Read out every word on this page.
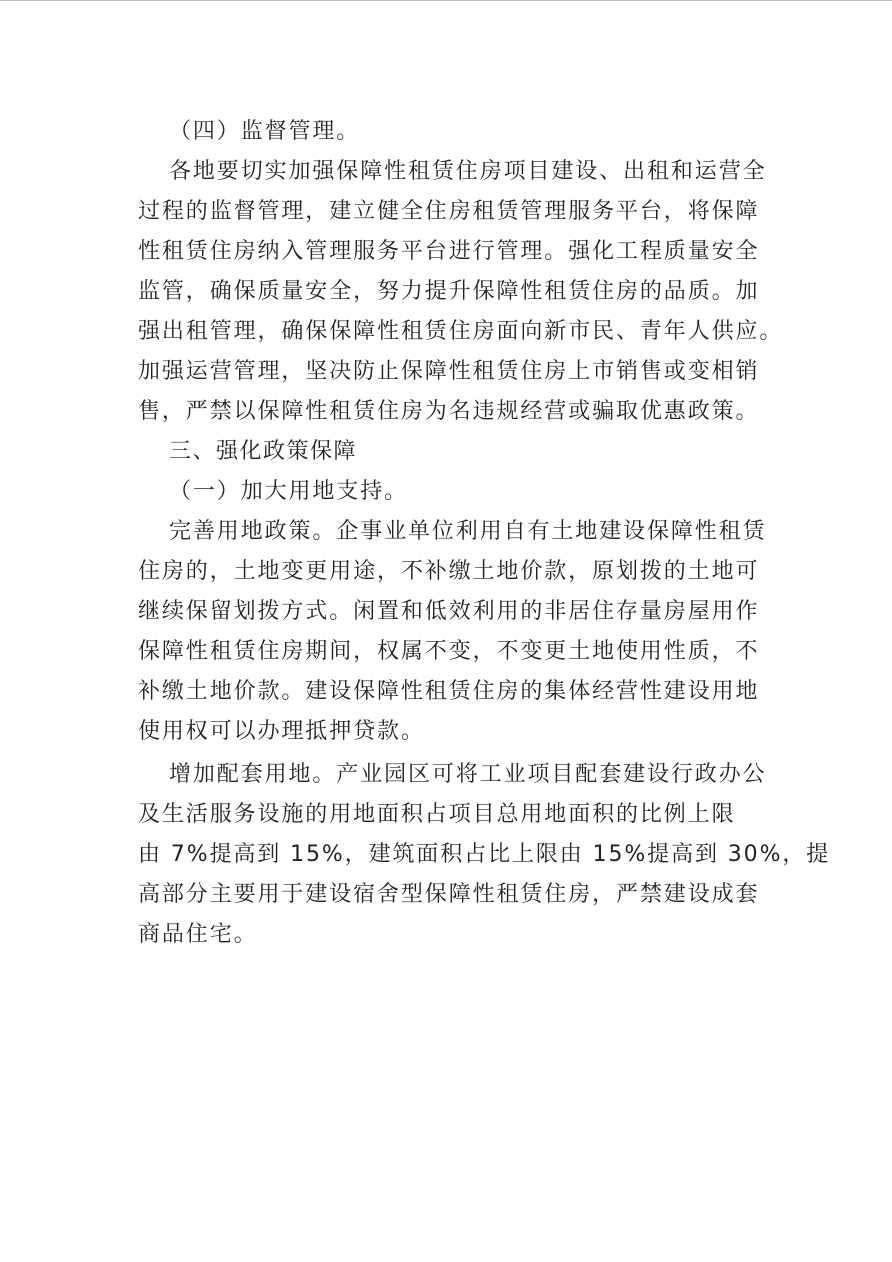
（四）监督管理。
各地要切实加强保障性租赁住房项目建设、出租和运营全
过程的监督管理，建立健全住房租赁管理服务平台，将保障
性租赁住房纳入管理服务平台进行管理。强化工程质量安全
监管，确保质量安全，努力提升保障性租赁住房的品质。加
强出租管理，确保保障性租赁住房面向新市民、青年人供应。
加强运营管理，坚决防止保障性租赁住房上市销售或变相销
售，严禁以保障性租赁住房为名违规经营或骗取优惠政策。
三、强化政策保障
（一）加大用地支持。
完善用地政策。企事业单位利用自有土地建设保障性租赁
住房的，土地变更用途，不补缴土地价款，原划拨的土地可
继续保留划拨方式。闲置和低效利用的非居住存量房屋用作
保障性租赁住房期间，权属不变，不变更土地使用性质，不
补缴土地价款。建设保障性租赁住房的集体经营性建设用地
使用权可以办理抵押贷款。
增加配套用地。产业园区可将工业项目配套建设行政办公
及生活服务设施的用地面积占项目总用地面积的比例上限
由 7%提高到 15%，建筑面积占比上限由 15%提高到 30%，提
高部分主要用于建设宿舍型保障性租赁住房，严禁建设成套
商品住宅。
